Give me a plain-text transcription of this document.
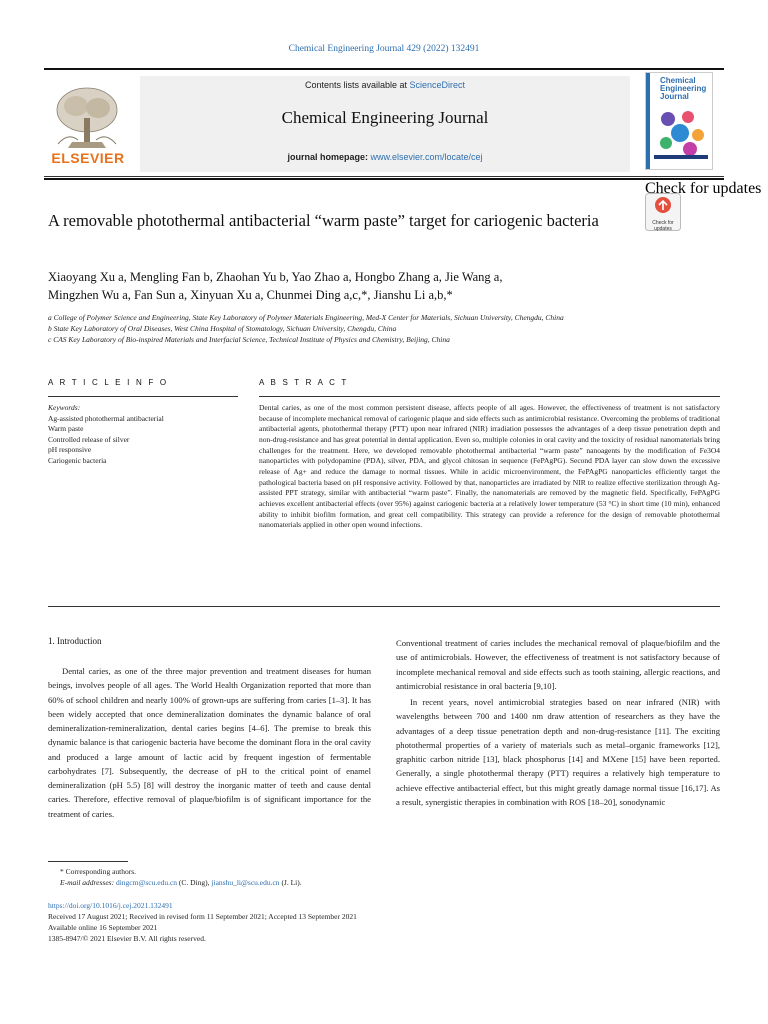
Chemical Engineering Journal 429 (2022) 132491
ELSEVIER
Contents lists available at ScienceDirect
Chemical Engineering Journal
journal homepage: www.elsevier.com/locate/cej
Chemical
Engineering
Journal
A removable photothermal antibacterial “warm paste” target for cariogenic bacteria
Check for updates
Check for updates
Xiaoyang Xu a, Mengling Fan b, Zhaohan Yu b, Yao Zhao a, Hongbo Zhang a, Jie Wang a,
Mingzhen Wu a, Fan Sun a, Xinyuan Xu a, Chunmei Ding a,c,*, Jianshu Li a,b,*
a College of Polymer Science and Engineering, State Key Laboratory of Polymer Materials Engineering, Med-X Center for Materials, Sichuan University, Chengdu, China
b State Key Laboratory of Oral Diseases, West China Hospital of Stomatology, Sichuan University, Chengdu, China
c CAS Key Laboratory of Bio-inspired Materials and Interfacial Science, Technical Institute of Physics and Chemistry, Beijing, China
A R T I C L E I N F O	A B S T R A C T
Keywords:
Ag-assisted photothermal antibacterial
Warm paste
Controlled release of silver
pH responsive
Cariogenic bacteria
Dental caries, as one of the most common persistent disease, affects people of all ages. However, the effectiveness of treatment is not satisfactory because of incomplete mechanical removal of cariogenic plaque and side effects such as antimicrobial resistance. Overcoming the problems of traditional antibacterial agents, photothermal therapy (PTT) upon near infrared (NIR) irradiation possesses the advantages of a deep tissue penetration depth and non-drug-resistance and has great potential in dental application. Even so, multiple colonies in oral cavity and the toxicity of residual nanomaterials bring challenges for the treatment. Here, we developed removable photothermal antibacterial “warm paste” nanoagents by the modification of Fe3O4 nanoparticles with polydopamine (PDA), silver, PDA, and glycol chitosan in sequence (FePAgPG). Second PDA layer can slow down the excessive release of Ag+ and reduce the damage to normal tissues. While in acidic microenvironment, the FePAgPG nanoparticles efficiently target the pathological bacteria based on pH responsive activity. Followed by that, nanoparticles are irradiated by NIR to realize effective sterilization through Ag-assisted PPT strategy, similar with antibacterial “warm paste”. Finally, the nanomaterials are removed by the magnetic field. Specifically, FePAgPG achieves excellent antibacterial effects (over 95%) against cariogenic bacteria at a relatively lower temperature (53 °C) in short time (10 min), enhanced ability to inhibit biofilm formation, and great cell compatibility. This strategy can provide a reference for the design of removable photothermal nanomaterials applied in other open wound infections.
1. Introduction

Dental caries, as one of the three major prevention and treatment diseases for human beings, involves people of all ages. The World Health Organization reported that more than 60% of school children and nearly 100% of grown-ups are suffering from caries [1–3]. It has been widely accepted that once demineralization dominates the dynamic balance of oral demineralization-remineralization, dental caries begins [4–6]. The premise to break this dynamic balance is that cariogenic bacteria have become the dominant flora in the oral cavity and produced a large amount of lactic acid by frequent ingestion of fermentable carbohydrates [7]. Subsequently, the decrease of pH to the critical point of enamel demineralization (pH 5.5) [8] will destroy the inorganic matter of teeth and cause dental caries. Therefore, effective removal of plaque/biofilm is of significant importance for the treatment of caries.

Conventional treatment of caries includes the mechanical removal of plaque/biofilm and the use of antimicrobials. However, the effectiveness of treatment is not satisfactory because of incomplete mechanical removal and side effects such as tooth staining, allergic reactions, and antimicrobial resistance in oral bacteria [9,10].

In recent years, novel antimicrobial strategies based on near infrared (NIR) with wavelengths between 700 and 1400 nm draw attention of researchers as they have the advantages of a deep tissue penetration depth and non-drug-resistance [11]. The exciting photothermal properties of a variety of materials such as metal–organic frameworks [12], graphitic carbon nitride [13], black phosphorus [14] and MXene [15] have been reported. Generally, a single photothermal therapy (PTT) requires a relatively high temperature to achieve effective antibacterial effect, but this might greatly damage normal tissue [16,17]. As a result, synergistic therapies in combination with ROS [18–20], sonodynamic

* Corresponding authors.
E-mail addresses: dingcm@scu.edu.cn (C. Ding), jianshu_li@scu.edu.cn (J. Li).
https://doi.org/10.1016/j.cej.2021.132491
Received 17 August 2021; Received in revised form 11 September 2021; Accepted 13 September 2021
Available online 16 September 2021
1385-8947/© 2021 Elsevier B.V. All rights reserved.
